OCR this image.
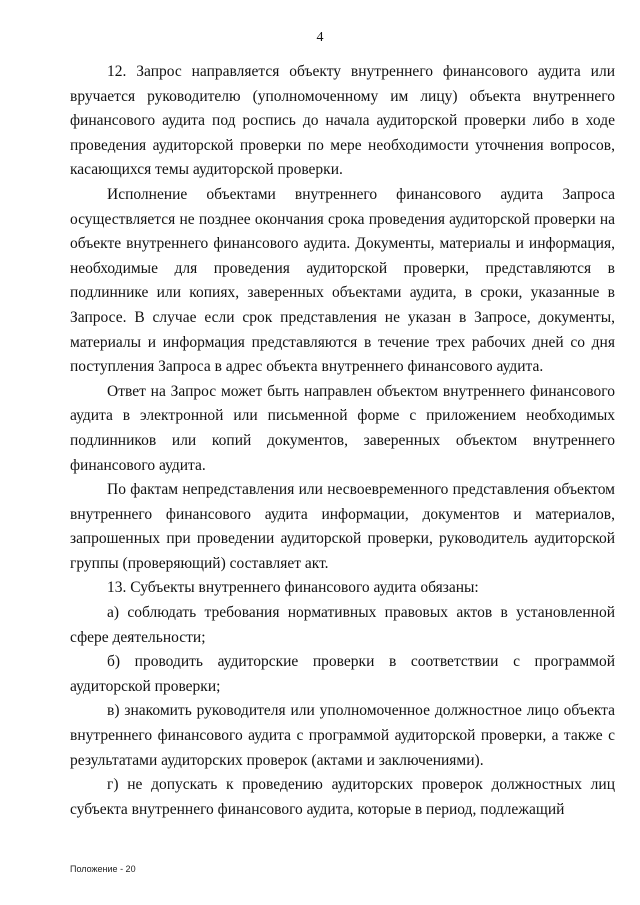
4

12. Запрос направляется объекту внутреннего финансового аудита или вручается руководителю (уполномоченному им лицу) объекта внутреннего финансового аудита под роспись до начала аудиторской проверки либо в ходе проведения аудиторской проверки по мере необходимости уточнения вопросов, касающихся темы аудиторской проверки.

Исполнение объектами внутреннего финансового аудита Запроса осуществляется не позднее окончания срока проведения аудиторской проверки на объекте внутреннего финансового аудита. Документы, материалы и информация, необходимые для проведения аудиторской проверки, представляются в подлиннике или копиях, заверенных объектами аудита, в сроки, указанные в Запросе. В случае если срок представления не указан в Запросе, документы, материалы и информация представляются в течение трех рабочих дней со дня поступления Запроса в адрес объекта внутреннего финансового аудита.

Ответ на Запрос может быть направлен объектом внутреннего финансового аудита в электронной или письменной форме с приложением необходимых подлинников или копий документов, заверенных объектом внутреннего финансового аудита.

По фактам непредставления или несвоевременного представления объектом внутреннего финансового аудита информации, документов и материалов, запрошенных при проведении аудиторской проверки, руководитель аудиторской группы (проверяющий) составляет акт.

13. Субъекты внутреннего финансового аудита обязаны:

а) соблюдать требования нормативных правовых актов в установленной сфере деятельности;

б) проводить аудиторские проверки в соответствии с программой аудиторской проверки;

в) знакомить руководителя или уполномоченное должностное лицо объекта внутреннего финансового аудита с программой аудиторской проверки, а также с результатами аудиторских проверок (актами и заключениями).

г) не допускать к проведению аудиторских проверок должностных лиц субъекта внутреннего финансового аудита, которые в период, подлежащий

Положение - 20
